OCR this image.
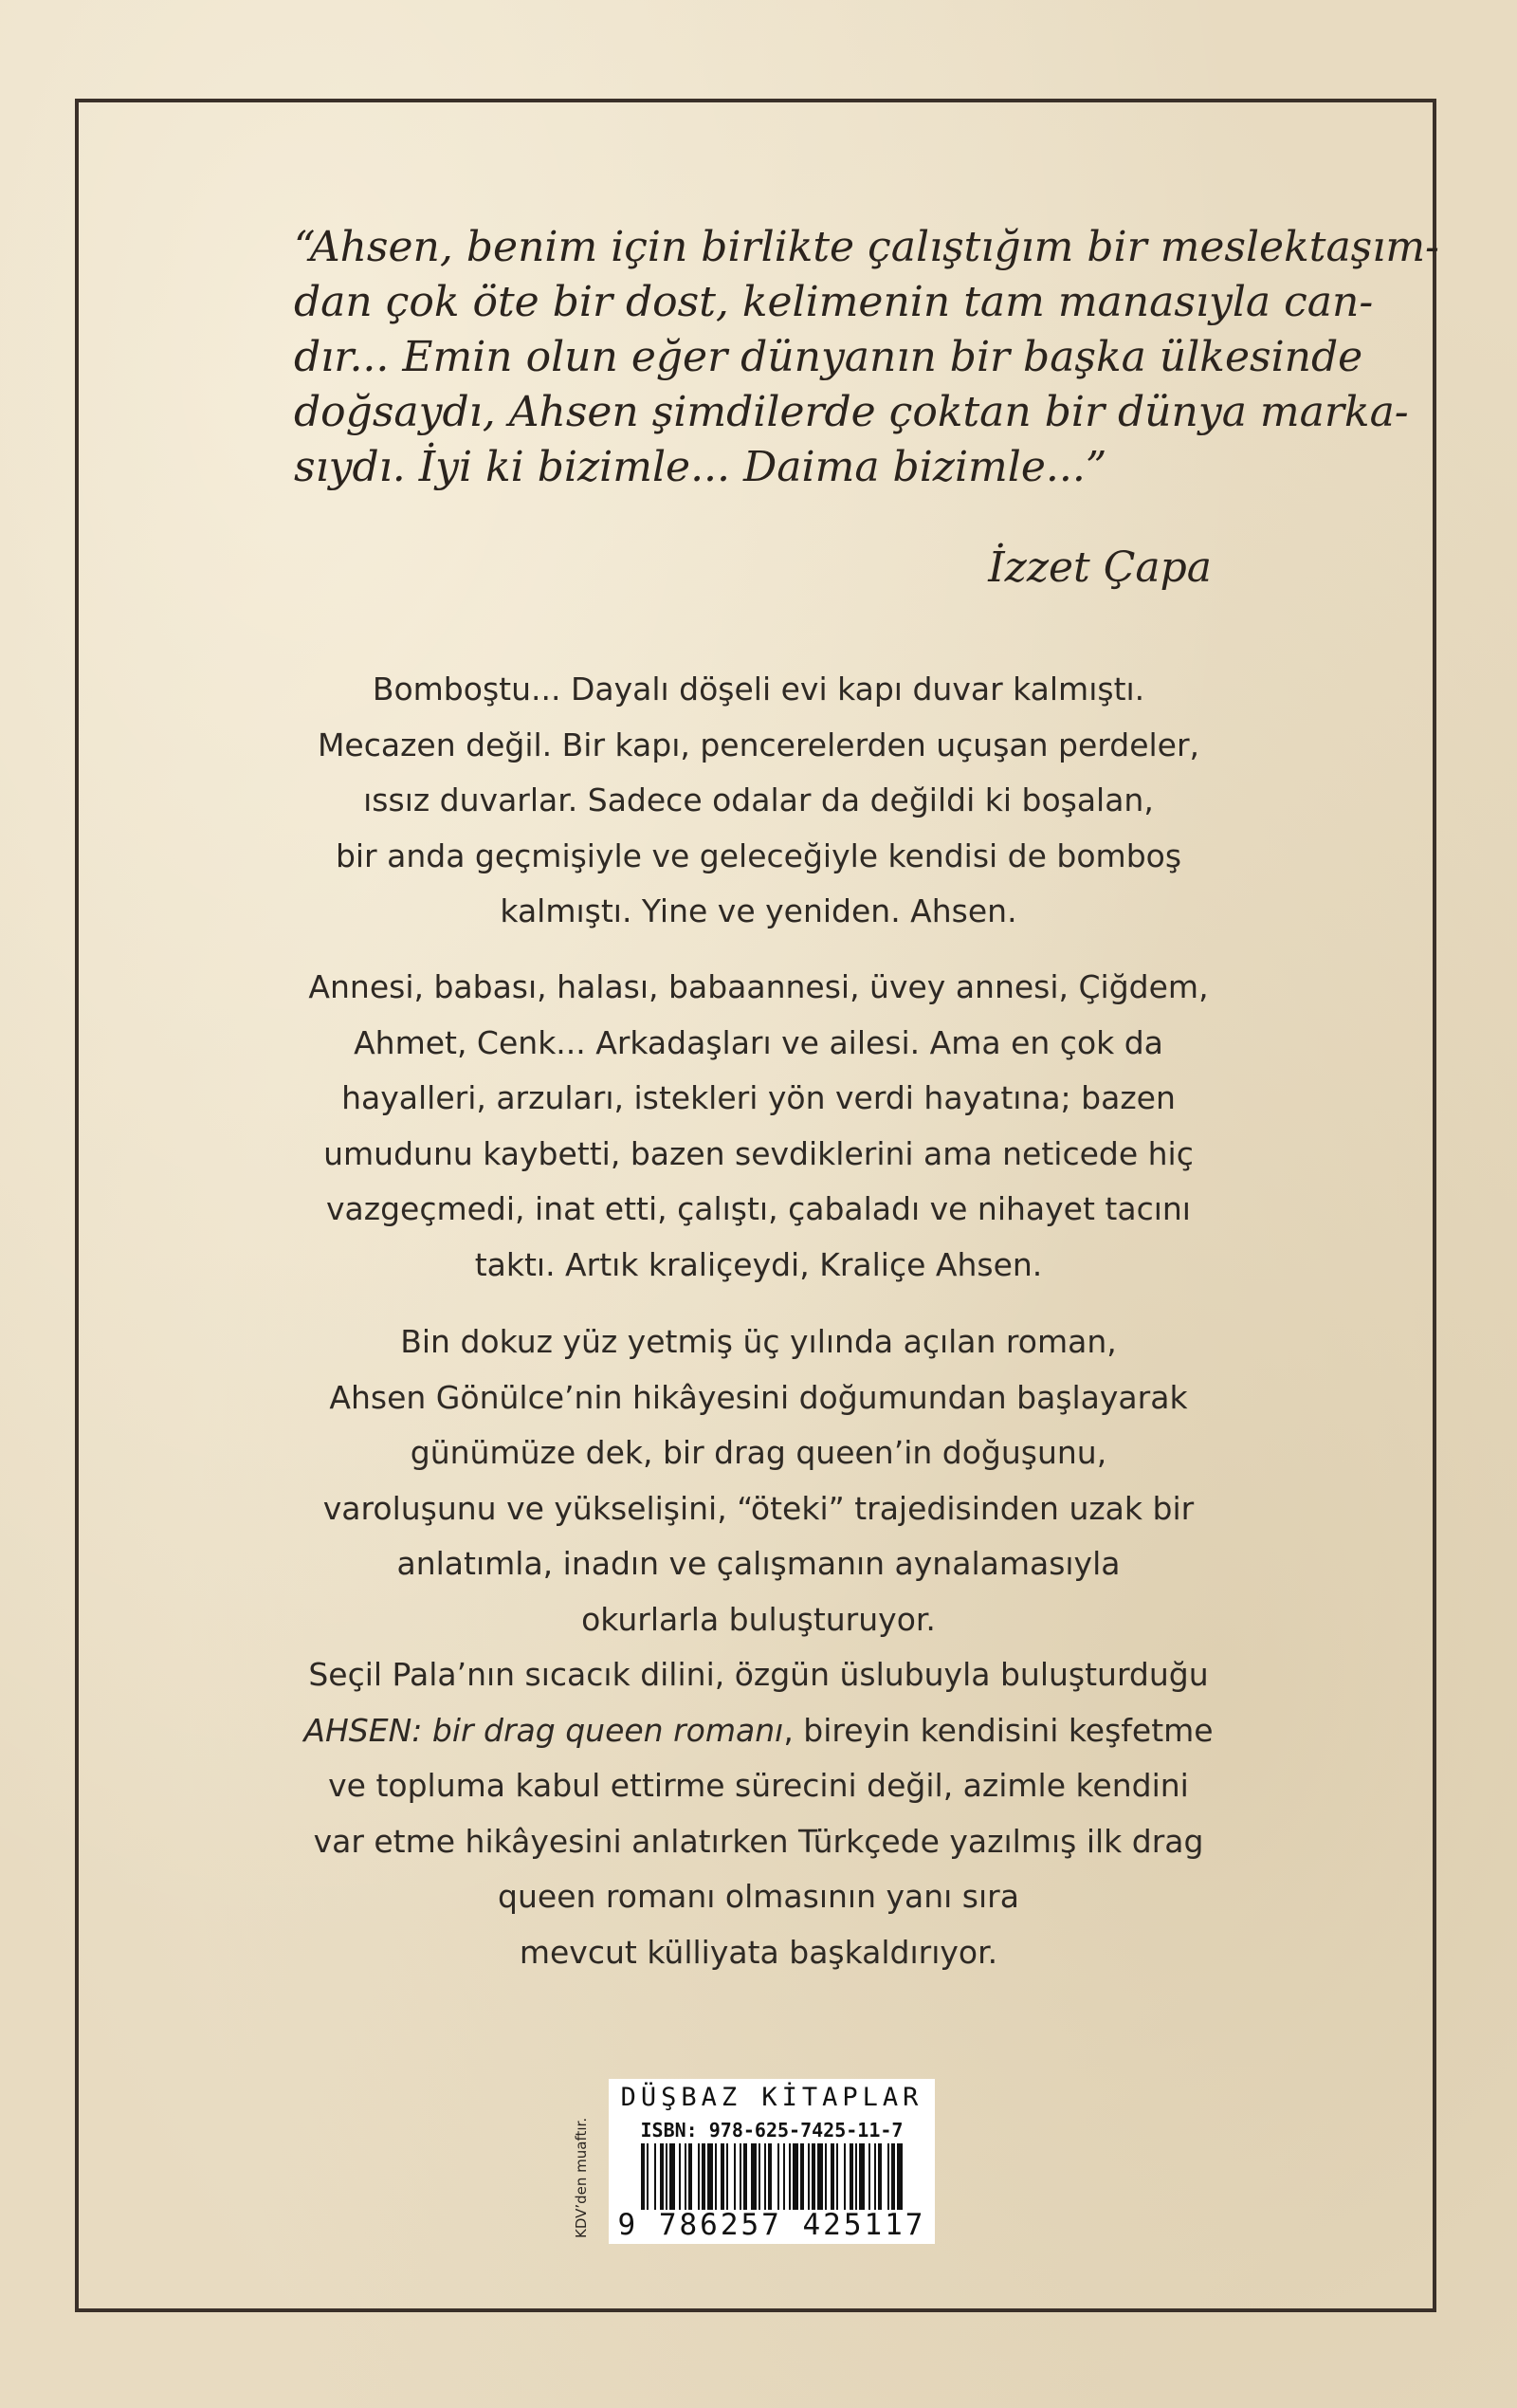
“Ahsen, benim için birlikte çalıştığım bir meslektaşım-
dan çok öte bir dost, kelimenin tam manasıyla can-
dır... Emin olun eğer dünyanın bir başka ülkesinde
doğsaydı, Ahsen şimdilerde çoktan bir dünya marka-
sıydı. İyi ki bizimle... Daima bizimle...”
İzzet Çapa
Bomboştu... Dayalı döşeli evi kapı duvar kalmıştı.
Mecazen değil. Bir kapı, pencerelerden uçuşan perdeler,
ıssız duvarlar. Sadece odalar da değildi ki boşalan,
bir anda geçmişiyle ve geleceğiyle kendisi de bomboş
kalmıştı. Yine ve yeniden. Ahsen.
Annesi, babası, halası, babaannesi, üvey annesi, Çiğdem,
Ahmet, Cenk... Arkadaşları ve ailesi. Ama en çok da
hayalleri, arzuları, istekleri yön verdi hayatına; bazen
umudunu kaybetti, bazen sevdiklerini ama neticede hiç
vazgeçmedi, inat etti, çalıştı, çabaladı ve nihayet tacını
taktı. Artık kraliçeydi, Kraliçe Ahsen.
Bin dokuz yüz yetmiş üç yılında açılan roman,
Ahsen Gönülce’nin hikâyesini doğumundan başlayarak
günümüze dek, bir drag queen’in doğuşunu,
varoluşunu ve yükselişini, “öteki” trajedisinden uzak bir
anlatımla, inadın ve çalışmanın aynalamasıyla
okurlarla buluşturuyor.
Seçil Pala’nın sıcacık dilini, özgün üslubuyla buluşturduğu
AHSEN: bir drag queen romanı, bireyin kendisini keşfetme
ve topluma kabul ettirme sürecini değil, azimle kendini
var etme hikâyesini anlatırken Türkçede yazılmış ilk drag
queen romanı olmasının yanı sıra
mevcut külliyata başkaldırıyor.
KDV’den muaftır.
DÜŞBAZ KİTAPLAR
ISBN: 978-625-7425-11-7
9 786257 425117
